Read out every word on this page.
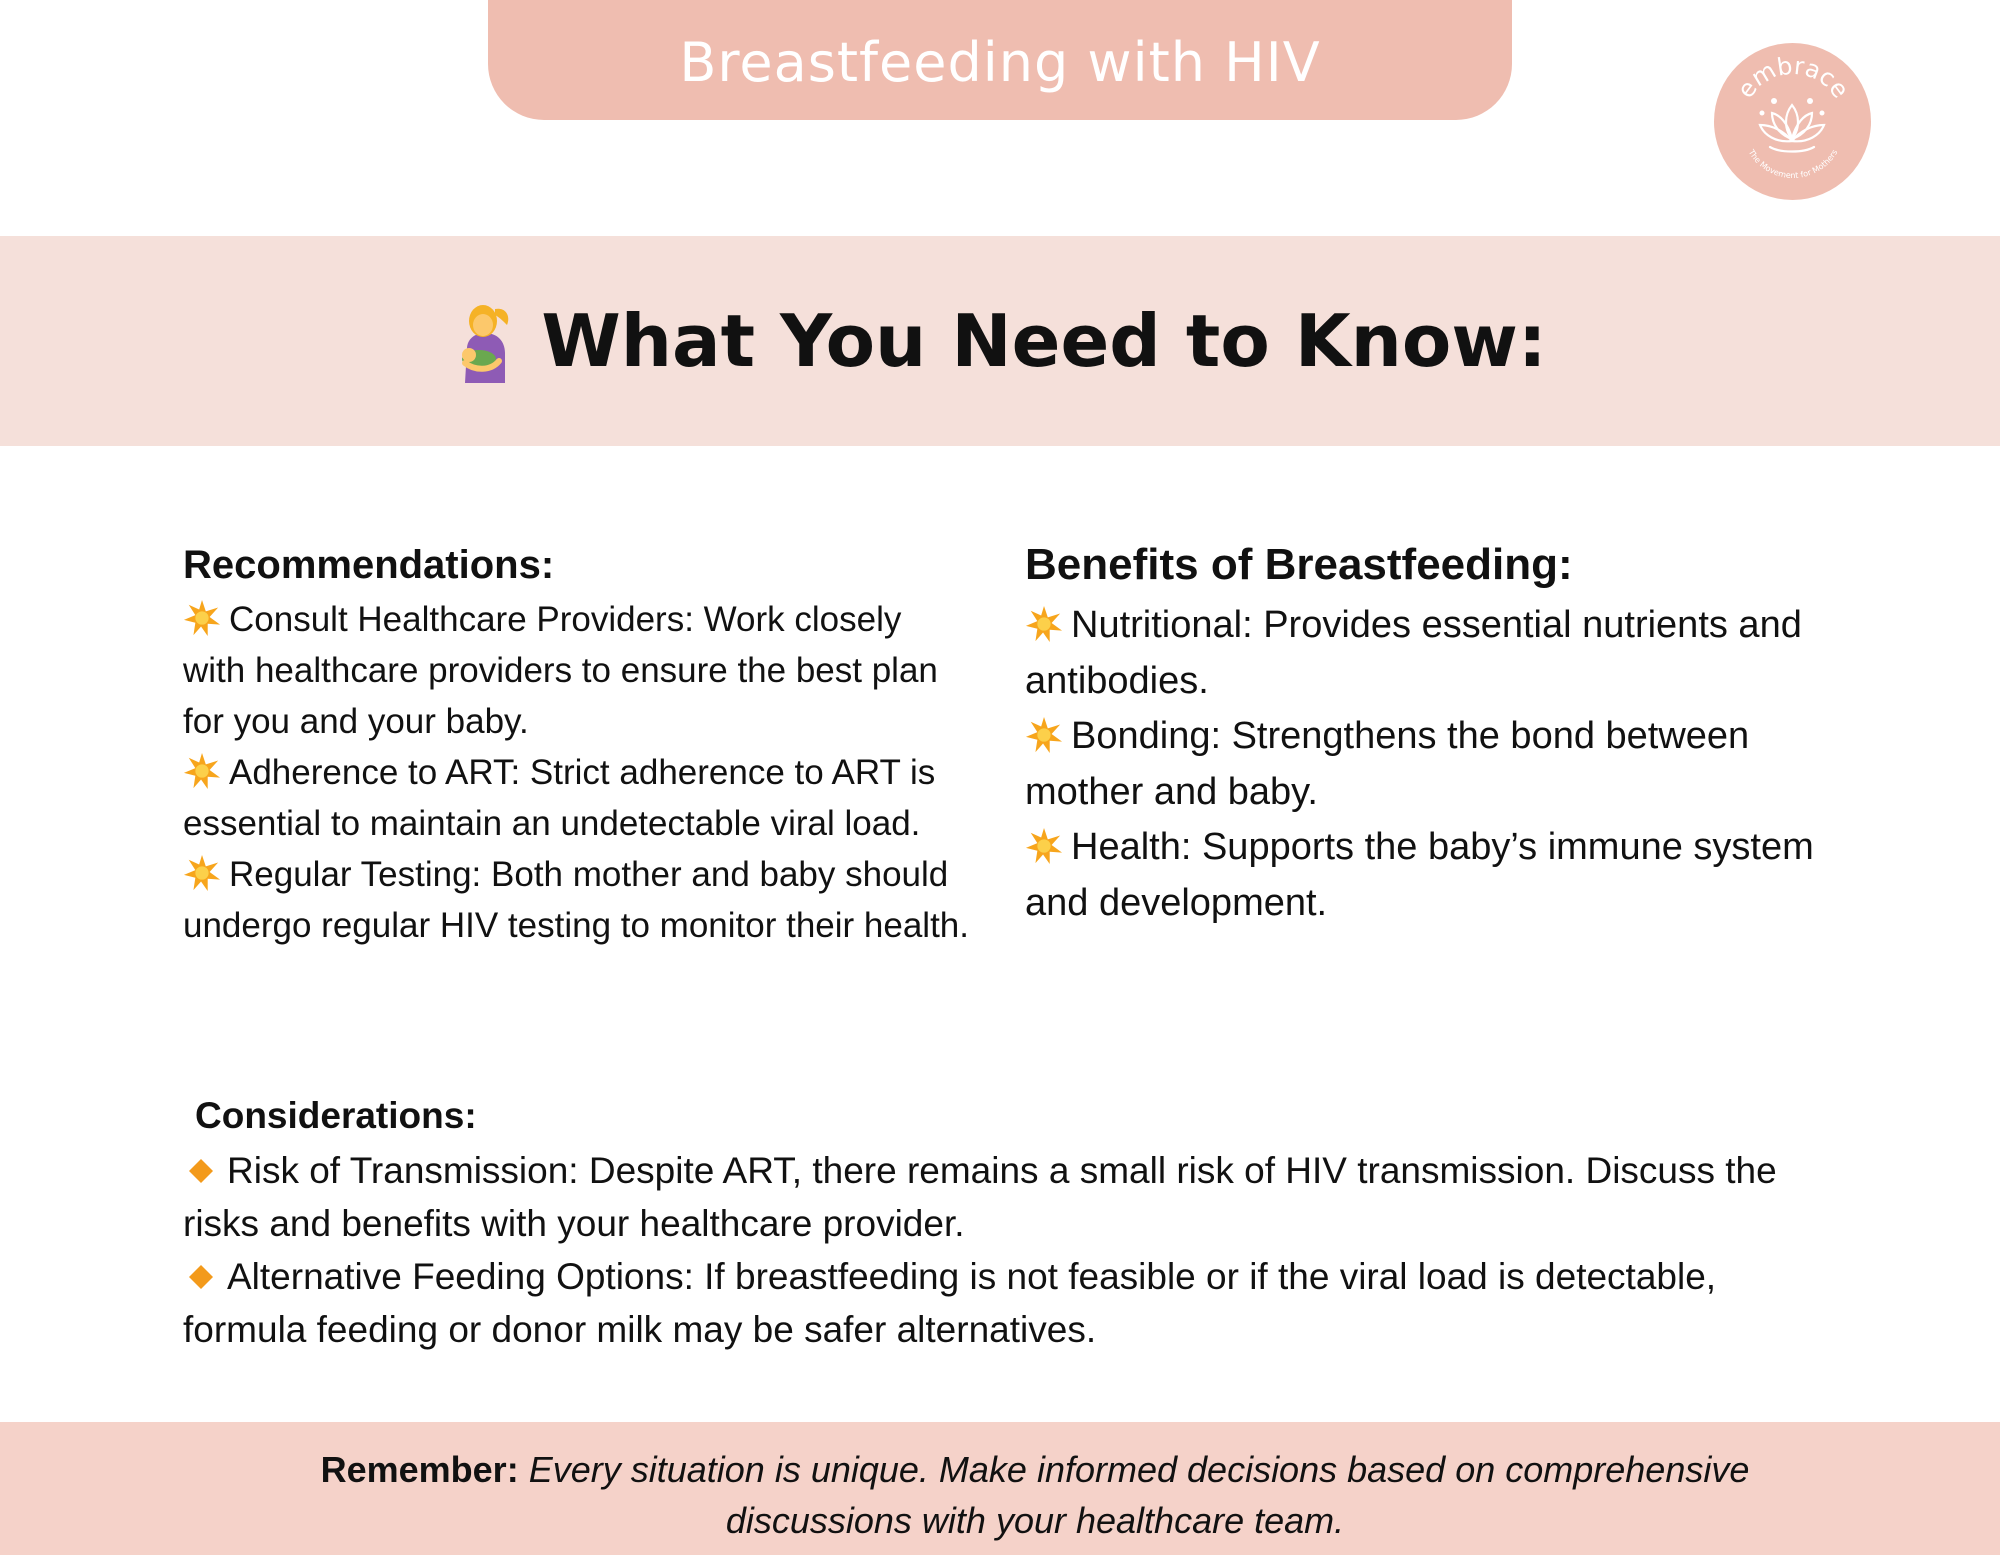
Breastfeeding with HIV	embrace
The Movement for Mothers
What You Need to Know:
Recommendations:

Consult Healthcare Providers: Work closely with healthcare providers to ensure the best plan for you and your baby.

Adherence to ART: Strict adherence to ART is essential to maintain an undetectable viral load.

Regular Testing: Both mother and baby should undergo regular HIV testing to monitor their health.

Benefits of Breastfeeding:

Nutritional: Provides essential nutrients and antibodies.

Bonding: Strengthens the bond between mother and baby.

Health: Supports the baby’s immune system and development.

Considerations:

Risk of Transmission: Despite ART, there remains a small risk of HIV transmission. Discuss the risks and benefits with your healthcare provider.

Alternative Feeding Options: If breastfeeding is not feasible or if the viral load is detectable, formula feeding or donor milk may be safer alternatives.

Remember: Every situation is unique. Make informed decisions based on comprehensive discussions with your healthcare team.
